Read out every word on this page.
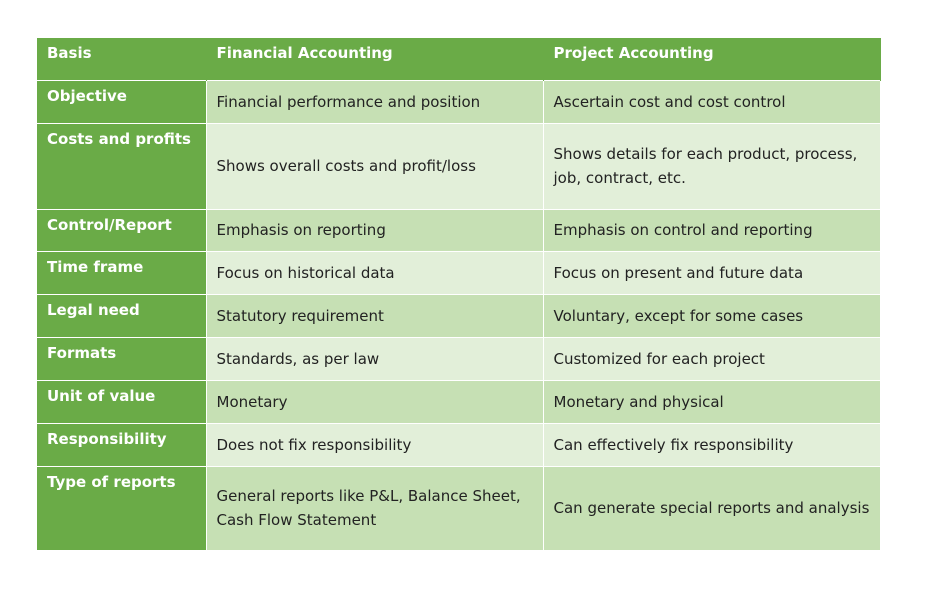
Basis	Financial Accounting	Project Accounting
Objective	Financial performance and position	Ascertain cost and cost control
Costs and profits	Shows overall costs and profit/loss	Shows details for each product, process, job, contract, etc.
Control/Report	Emphasis on reporting	Emphasis on control and reporting
Time frame	Focus on historical data	Focus on present and future data
Legal need	Statutory requirement	Voluntary, except for some cases
Formats	Standards, as per law	Customized for each project
Unit of value	Monetary	Monetary and physical
Responsibility	Does not fix responsibility	Can effectively fix responsibility
Type of reports	General reports like P&L, Balance Sheet, Cash Flow Statement	Can generate special reports and analysis
